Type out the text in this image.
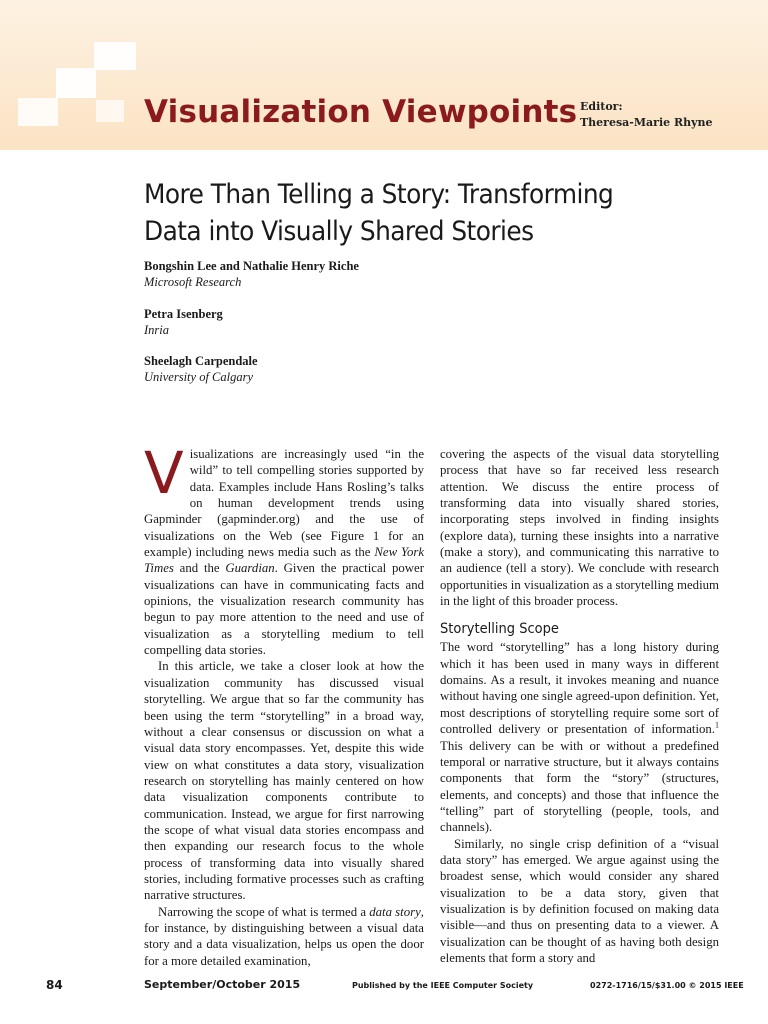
Visualization Viewpoints Editor:
Theresa-Marie Rhyne
More Than Telling a Story: Transforming Data into Visually Shared Stories
Bongshin Lee and Nathalie Henry Riche
Microsoft Research
Petra Isenberg
Inria
Sheelagh Carpendale
University of Calgary

Visualizations are increasingly used “in the wild” to tell compelling stories supported by data. Examples include Hans Rosling’s talks on human development trends using Gapminder (gapminder.org) and the use of visualizations on the Web (see Figure 1 for an example) including news media such as the New York Times and the Guardian. Given the practical power visualizations can have in communicating facts and opinions, the visualization research community has begun to pay more attention to the need and use of visualization as a storytelling medium to tell compelling data stories.

In this article, we take a closer look at how the visualization community has discussed visual storytelling. We argue that so far the community has been using the term “storytelling” in a broad way, without a clear consensus or discussion on what a visual data story encompasses. Yet, despite this wide view on what constitutes a data story, visualization research on storytelling has mainly centered on how data visualization components contribute to communication. Instead, we argue for first narrowing the scope of what visual data stories encompass and then expanding our research focus to the whole process of transforming data into visually shared stories, including formative processes such as crafting narrative structures.

Narrowing the scope of what is termed a data story, for instance, by distinguishing between a visual data story and a data visualization, helps us open the door for a more detailed examination,

covering the aspects of the visual data storytelling process that have so far received less research attention. We discuss the entire process of transforming data into visually shared stories, incorporating steps involved in finding insights (explore data), turning these insights into a narrative (make a story), and communicating this narrative to an audience (tell a story). We conclude with research opportunities in visualization as a storytelling medium in the light of this broader process.

Storytelling Scope

The word “storytelling” has a long history during which it has been used in many ways in different domains. As a result, it invokes meaning and nuance without having one single agreed-upon definition. Yet, most descriptions of storytelling require some sort of controlled delivery or presentation of information.$^1$ This delivery can be with or without a predefined temporal or narrative structure, but it always contains components that form the “story” (structures, elements, and concepts) and those that influence the “telling” part of storytelling (people, tools, and channels).

Similarly, no single crisp definition of a “visual data story” has emerged. We argue against using the broadest sense, which would consider any shared visualization to be a data story, given that visualization is by definition focused on making data visible—and thus on presenting data to a viewer. A visualization can be thought of as having both design elements that form a story and

84	September/October 2015	Published by the IEEE Computer Society	0272-1716/15/$31.00 © 2015 IEEE
